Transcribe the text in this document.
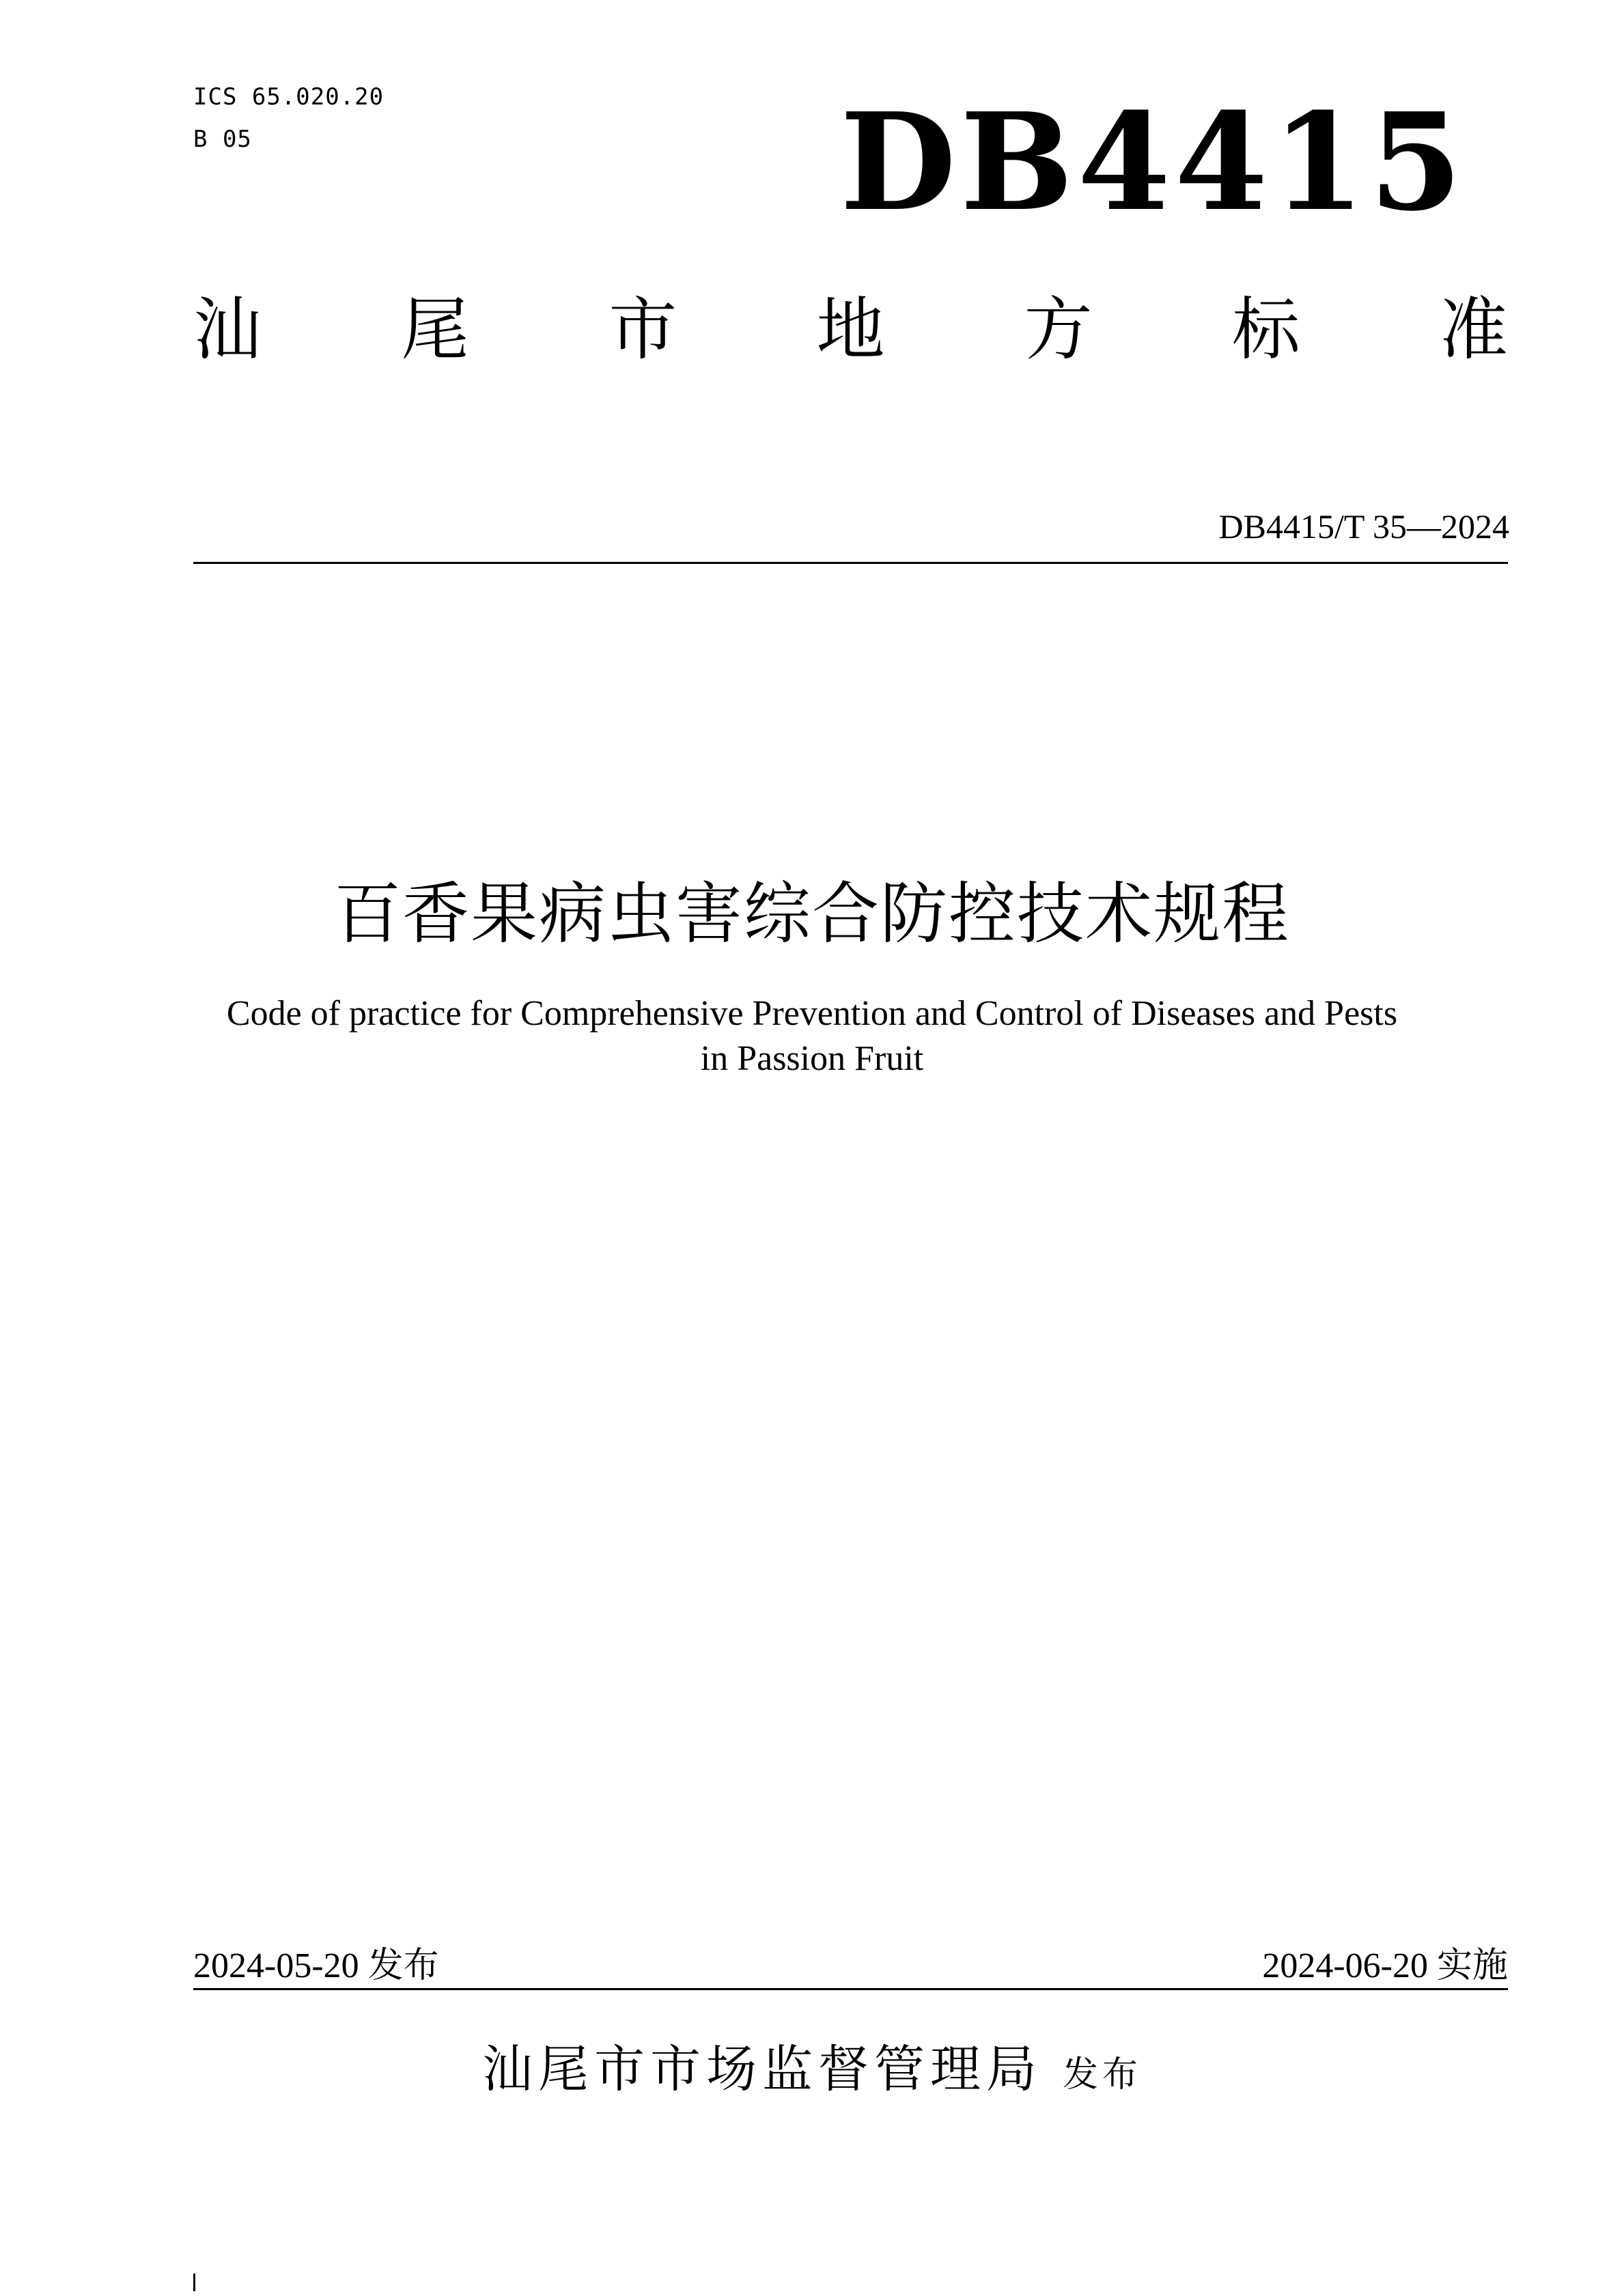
ICS 65.020.20
B 05	DB4415
汕 尾 市 地 方 标 准
DB4415/T 35—2024
百香果病虫害综合防控技术规程
Code of practice for Comprehensive Prevention and Control of Diseases and Pests
in Passion Fruit
2024-05-20 发布	2024-06-20 实施
汕尾市市场监督管理局 发布
